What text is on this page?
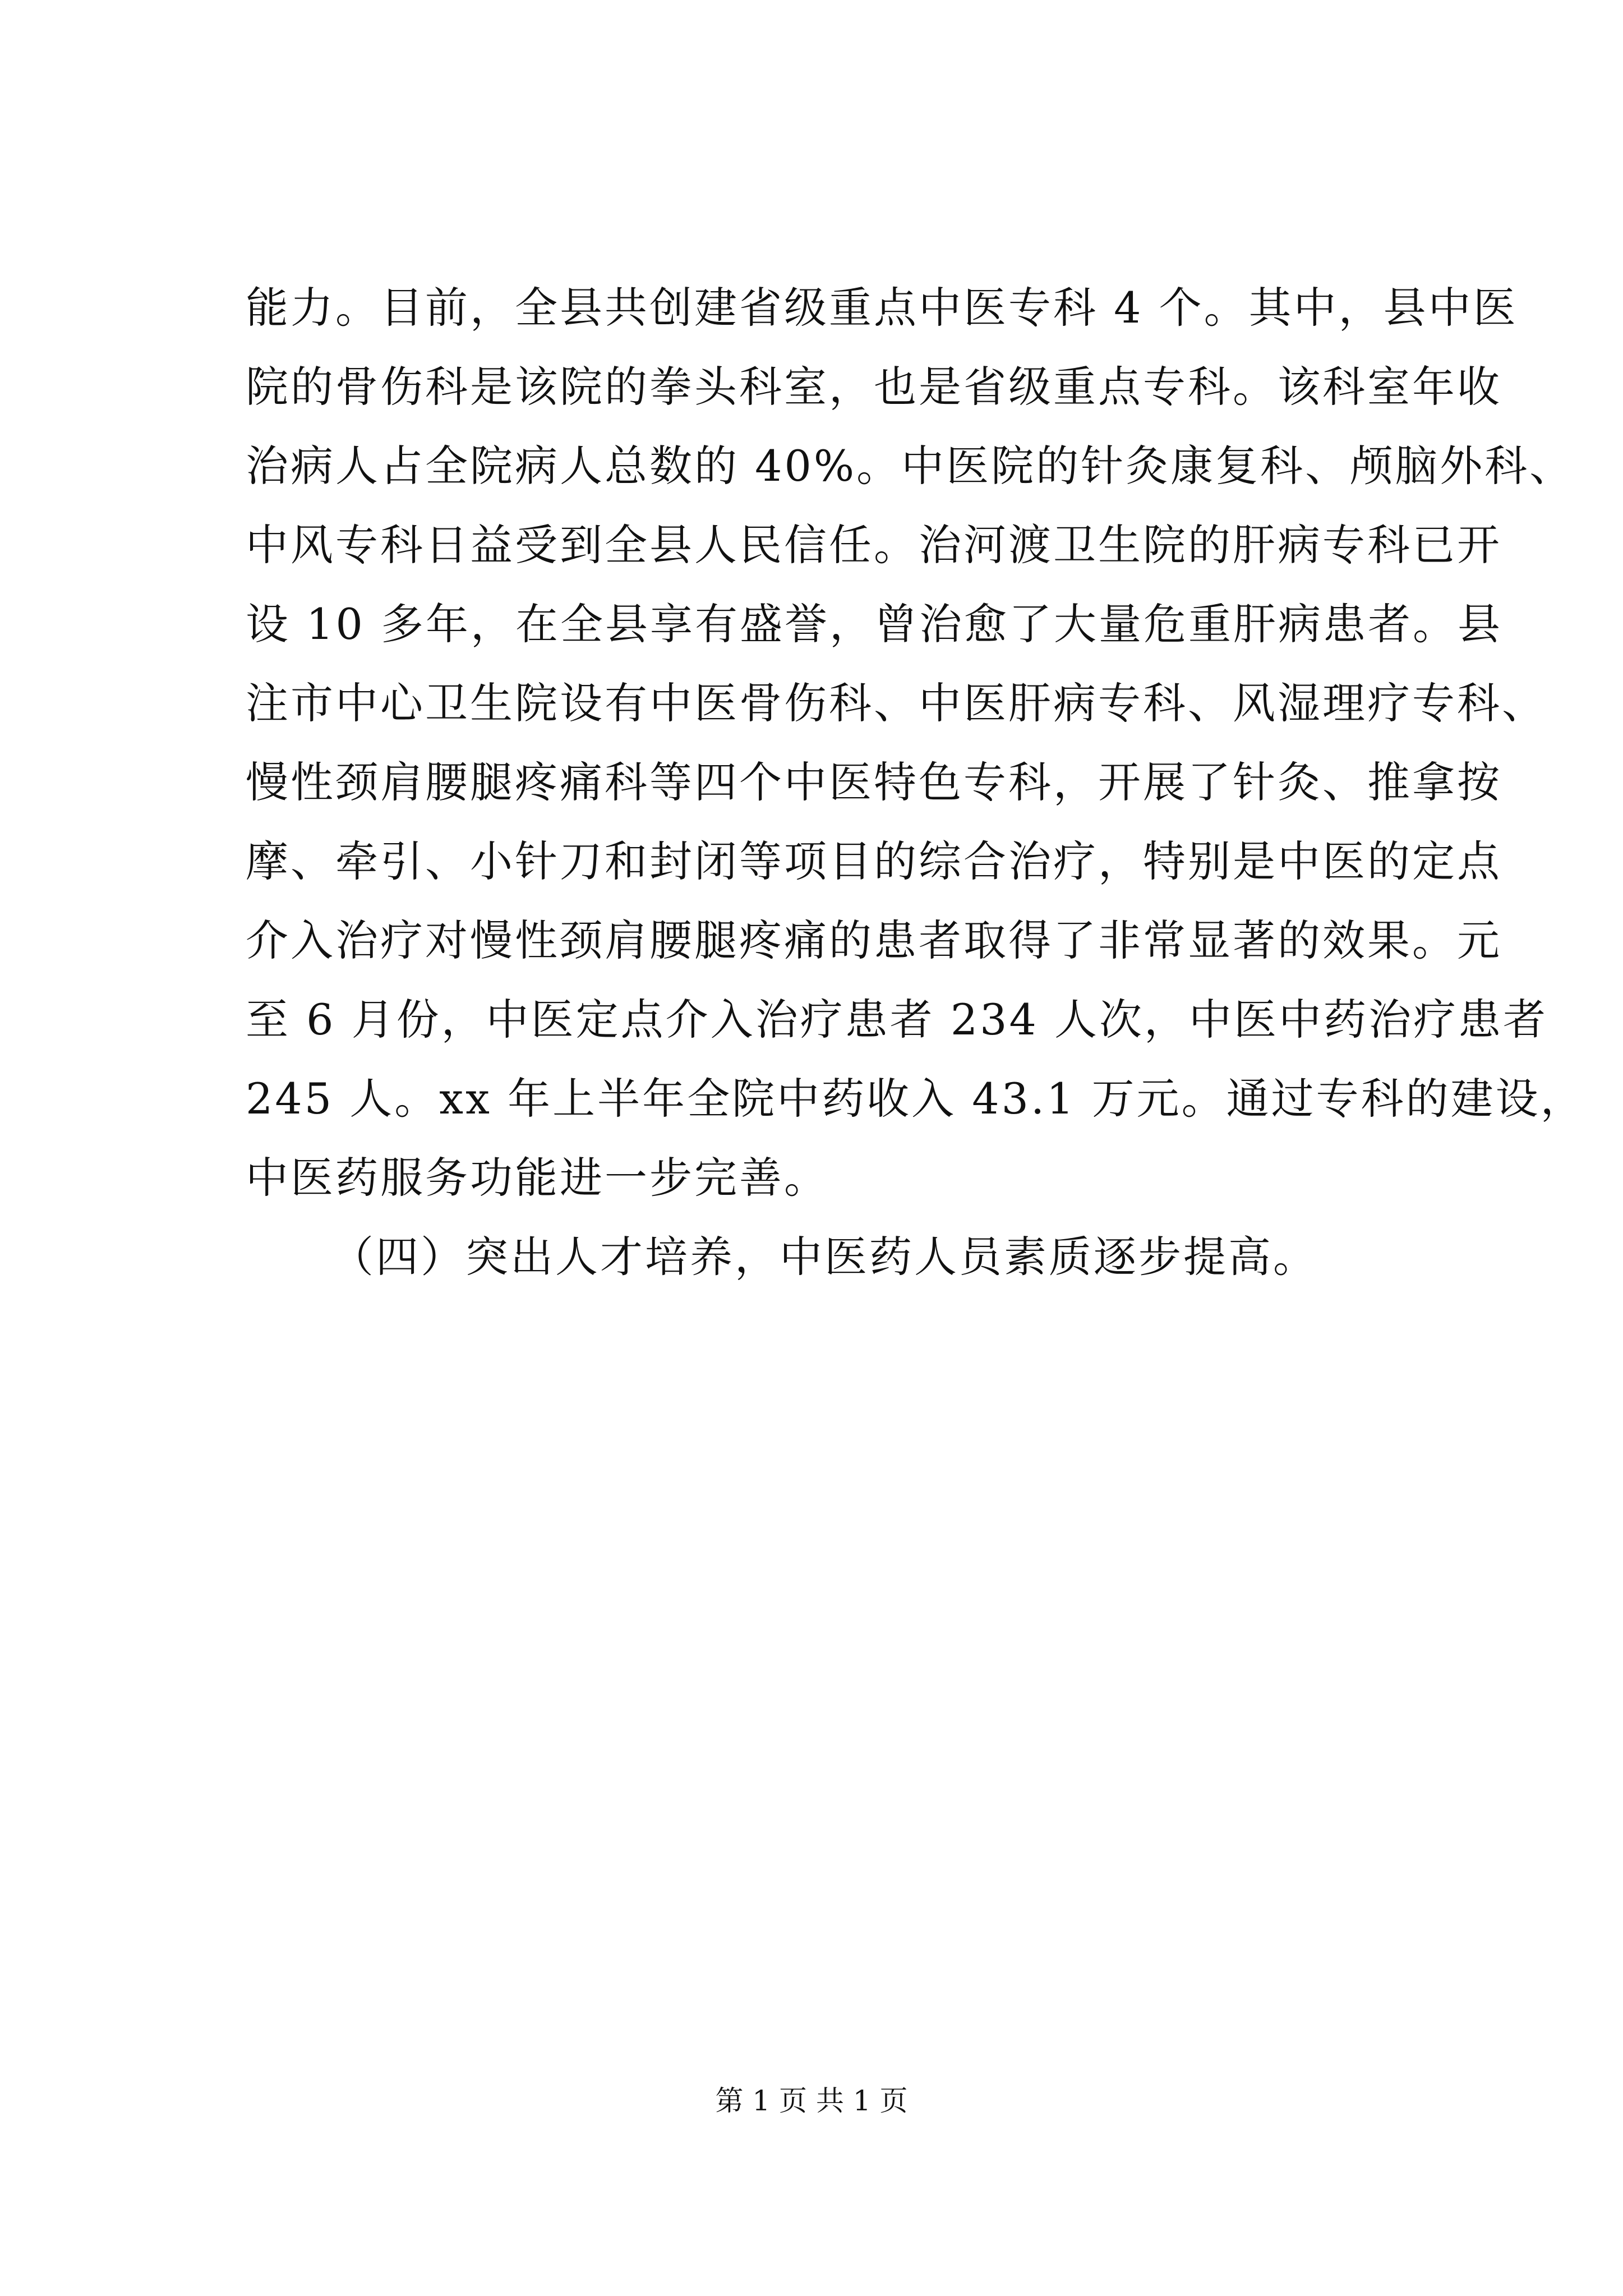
能力。目前，全县共创建省级重点中医专科 4 个。其中，县中医
院的骨伤科是该院的拳头科室，也是省级重点专科。该科室年收
治病人占全院病人总数的 40%。中医院的针灸康复科、颅脑外科、
中风专科日益受到全县人民信任。治河渡卫生院的肝病专科已开
设 10 多年，在全县享有盛誉，曾治愈了大量危重肝病患者。县
注市中心卫生院设有中医骨伤科、中医肝病专科、风湿理疗专科、
慢性颈肩腰腿疼痛科等四个中医特色专科，开展了针灸、推拿按
摩、牵引、小针刀和封闭等项目的综合治疗，特别是中医的定点
介入治疗对慢性颈肩腰腿疼痛的患者取得了非常显著的效果。元
至 6 月份，中医定点介入治疗患者 234 人次，中医中药治疗患者
245 人。xx 年上半年全院中药收入 43.1 万元。通过专科的建设，
中医药服务功能进一步完善。
（四）突出人才培养，中医药人员素质逐步提高。
第 1 页 共 1 页
